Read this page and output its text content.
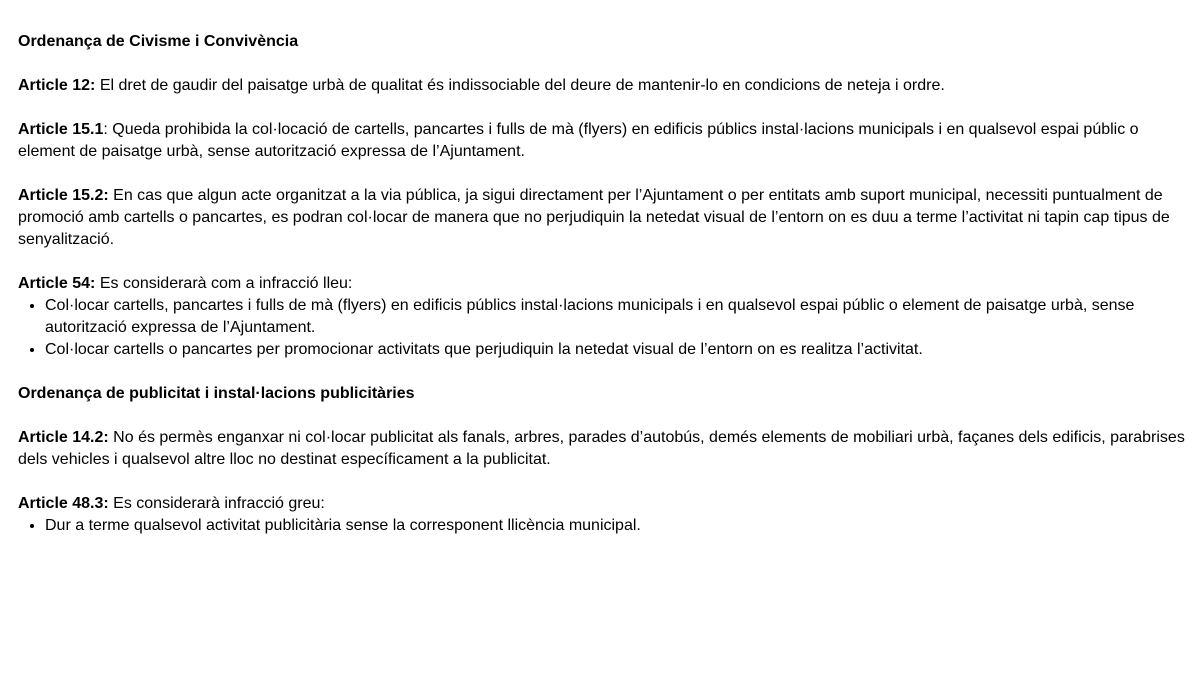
Ordenança de Civisme i Convivència

Article 12: El dret de gaudir del paisatge urbà de qualitat és indissociable del deure de mantenir-lo en condicions de neteja i ordre.

Article 15.1: Queda prohibida la col·locació de cartells, pancartes i fulls de mà (flyers) en edificis públics instal·lacions municipals i en qualsevol espai públic o element de paisatge urbà, sense autorització expressa de l’Ajuntament.

Article 15.2: En cas que algun acte organitzat a la via pública, ja sigui directament per l’Ajuntament o per entitats amb suport municipal, necessiti puntualment de promoció amb cartells o pancartes, es podran col·locar de manera que no perjudiquin la netedat visual de l’entorn on es duu a terme l’activitat ni tapin cap tipus de senyalització.

Article 54: Es considerarà com a infracció lleu:

• Col·locar cartells, pancartes i fulls de mà (flyers) en edificis públics instal·lacions municipals i en qualsevol espai públic o element de paisatge urbà, sense autorització expressa de l’Ajuntament.
• Col·locar cartells o pancartes per promocionar activitats que perjudiquin la netedat visual de l’entorn on es realitza l’activitat.

Ordenança de publicitat i instal·lacions publicitàries

Article 14.2: No és permès enganxar ni col·locar publicitat als fanals, arbres, parades d’autobús, demés elements de mobiliari urbà, façanes dels edificis, parabrises dels vehicles i qualsevol altre lloc no destinat específicament a la publicitat.

Article 48.3: Es considerarà infracció greu:

• Dur a terme qualsevol activitat publicitària sense la corresponent llicència municipal.
